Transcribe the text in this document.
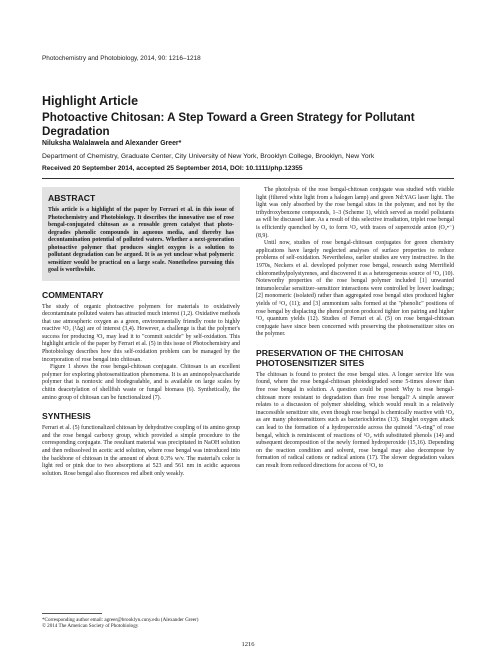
Photochemistry and Photobiology, 2014, 90: 1216–1218
Highlight Article
Photoactive Chitosan: A Step Toward a Green Strategy for Pollutant Degradation
Niluksha Walalawela and Alexander Greer*
Department of Chemistry, Graduate Center, City University of New York, Brooklyn College, Brooklyn, New York
Received 20 September 2014, accepted 25 September 2014, DOI: 10.1111/php.12355
ABSTRACT

This article is a highlight of the paper by Ferrari et al. in this issue of Photochemistry and Photobiology. It describes the innovative use of rose bengal-conjugated chitosan as a reusable green catalyst that photo-degrades phenolic compounds in aqueous media, and thereby has decontamination potential of polluted waters. Whether a next-generation photoactive polymer that produces singlet oxygen is a solution to pollutant degradation can be argued. It is as yet unclear what polymeric sensitizer would be practical on a large scale. Nonetheless pursuing this goal is worthwhile.

COMMENTARY

The study of organic photoactive polymers for materials to oxidatively decontaminate polluted waters has attracted much interest (1,2). Oxidative methods that use atmospheric oxygen as a green, environmentally friendly route to highly reactive ¹O₂ (¹Δg) are of interest (3,4). However, a challenge is that the polymer's success for producing ¹O₂ may lead it to "commit suicide" by self-oxidation. This highlight article of the paper by Ferrari et al. (5) in this issue of Photochemistry and Photobiology describes how this self-oxidation problem can be managed by the incorporation of rose bengal into chitosan.

Figure 1 shows the rose bengal-chitosan conjugate. Chitosan is an excellent polymer for exploring photosensitization phenomena. It is an aminopolysaccharide polymer that is nontoxic and biodegradable, and is available on large scales by chitin deacetylation of shellfish waste or fungal biomass (6). Synthetically, the amino group of chitosan can be functionalized (7).

SYNTHESIS

Ferrari et al. (5) functionalized chitosan by dehydrative coupling of its amino group and the rose bengal carboxy group, which provided a simple procedure to the corresponding conjugate. The resultant material was precipitated in NaOH solution and then redissolved in acetic acid solution, where rose bengal was introduced into the backbone of chitosan in the amount of about 0.3% w/v. The material's color is light red or pink due to two absorptions at 523 and 561 nm in acidic aqueous solution. Rose bengal also fluoresces red albeit only weakly.

The photolysis of the rose bengal-chitosan conjugate was studied with visible light (filtered white light from a halogen lamp) and green Nd:YAG laser light. The light was only absorbed by the rose bengal sites in the polymer, and not by the trihydroxybenzene compounds, 1–3 (Scheme 1), which served as model pollutants as will be discussed later. As a result of this selective irradiation, triplet rose bengal is efficiently quenched by O₂ to form ¹O₂ with traces of superoxide anion (O₂•⁻) (8,9).

Until now, studies of rose bengal-chitosan conjugates for green chemistry applications have largely neglected analyses of surface properties to reduce problems of self-oxidation. Nevertheless, earlier studies are very instructive. In the 1970s, Neckers et al. developed polymer rose bengal, research using Merrifield chloromethylpolystyrenes, and discovered it as a heterogeneous source of ¹O₂ (10). Noteworthy properties of the rose bengal polymer included [1] unwanted intramolecular sensitizer–sensitizer interactions were controlled by lower loadings; [2] monomeric (isolated) rather than aggregated rose bengal sites produced higher yields of ¹O₂ (11); and [3] ammonium salts formed at the "phenolic" positions of rose bengal by displacing the phenol proton produced tighter ion pairing and higher ¹O₂ quantum yields (12). Studies of Ferrari et al. (5) on rose bengal-chitosan conjugate have since been concerned with preserving the photosensitizer sites on the polymer.

PRESERVATION OF THE CHITOSAN PHOTOSENSITIZER SITES

The chitosan is found to protect the rose bengal sites. A longer service life was found, where the rose bengal-chitosan photodegraded some 5-times slower than free rose bengal in solution. A question could be posed: Why is rose bengal-chitosan more resistant to degradation than free rose bengal? A simple answer relates to a discussion of polymer shielding, which would result in a relatively inaccessible sensitizer site, even though rose bengal is chemically reactive with ¹O₂ as are many photosensitizers such as bacteriochlorins (13). Singlet oxygen attack can lead to the formation of a hydroperoxide across the quinoid "A-ring" of rose bengal, which is reminiscent of reactions of ¹O₂ with substituted phenols (14) and subsequent decomposition of the newly formed hydroperoxide (15,16). Depending on the reaction condition and solvent, rose bengal may also decompose by formation of radical cations or radical anions (17). The slower degradation values can result from reduced directions for access of ¹O₂ to

*Corresponding author email: agreer@brooklyn.cuny.edu (Alexander Greer)
© 2014 The American Society of Photobiology
1216
